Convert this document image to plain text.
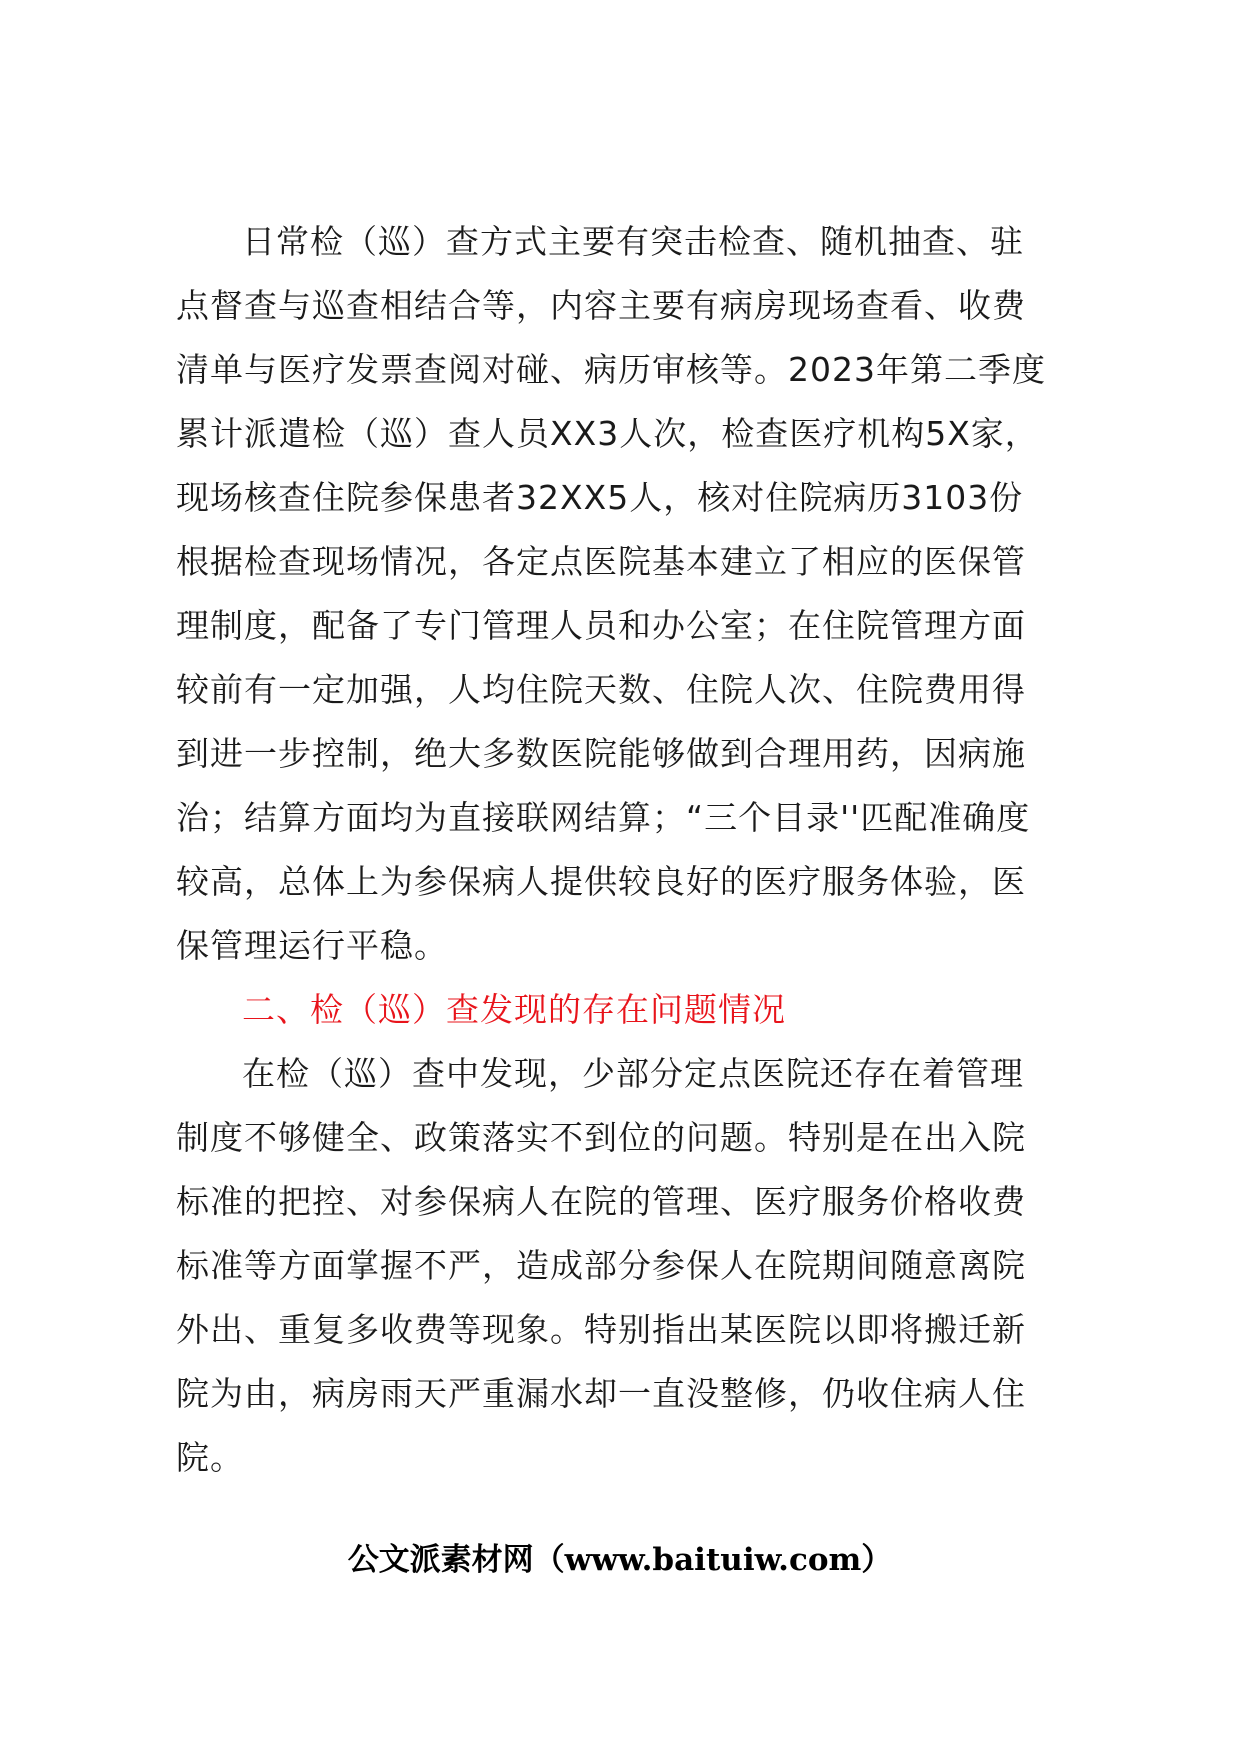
日常检（巡）查方式主要有突击检查、随机抽查、驻
点督查与巡查相结合等，内容主要有病房现场查看、收费
清单与医疗发票查阅对碰、病历审核等。2023年第二季度
累计派遣检（巡）查人员XX3人次，检查医疗机构5X家，
现场核查住院参保患者32XX5人，核对住院病历3103份
根据检查现场情况，各定点医院基本建立了相应的医保管
理制度，配备了专门管理人员和办公室；在住院管理方面
较前有一定加强，人均住院天数、住院人次、住院费用得
到进一步控制，绝大多数医院能够做到合理用药，因病施
治；结算方面均为直接联网结算；“三个目录''匹配准确度
较高，总体上为参保病人提供较良好的医疗服务体验，医
保管理运行平稳。
二、检（巡）查发现的存在问题情况
在检（巡）查中发现，少部分定点医院还存在着管理
制度不够健全、政策落实不到位的问题。特别是在出入院
标准的把控、对参保病人在院的管理、医疗服务价格收费
标准等方面掌握不严，造成部分参保人在院期间随意离院
外出、重复多收费等现象。特别指出某医院以即将搬迁新
院为由，病房雨天严重漏水却一直没整修，仍收住病人住
院。
公文派素材网（www.baituiw.com）
